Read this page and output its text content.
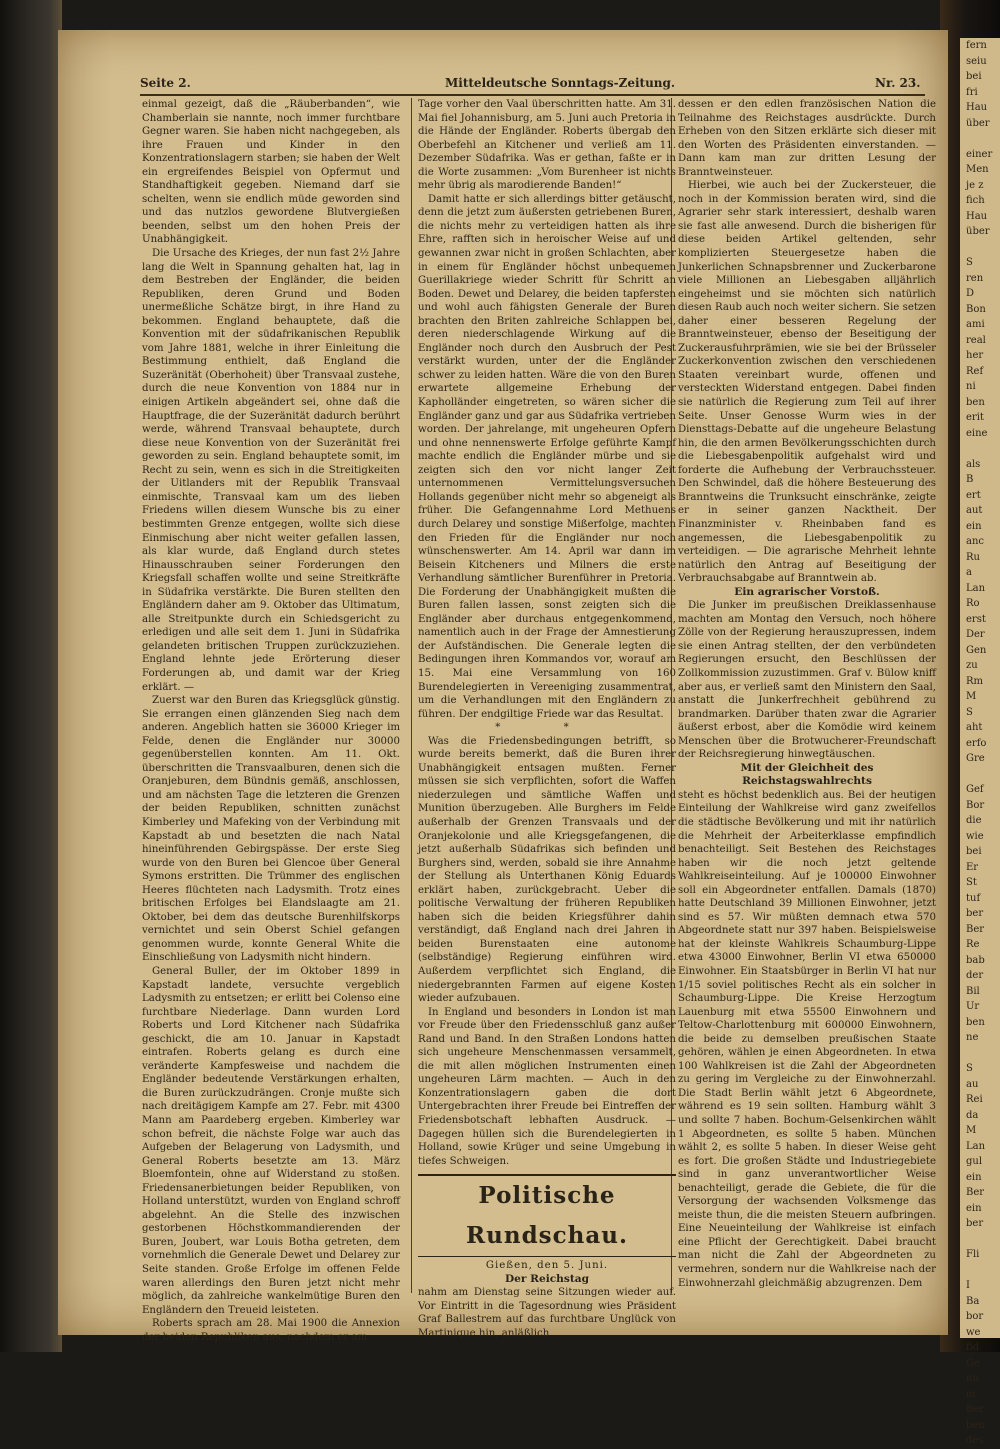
Seite 2.	Mitteldeutsche Sonntags-Zeitung.	Nr. 23.

einmal gezeigt, daß die „Räuberbanden“, wie Chamberlain sie nannte, noch immer furchtbare Gegner waren. Sie haben nicht nachgegeben, als ihre Frauen und Kinder in den Konzentrationslagern starben; sie haben der Welt ein ergreifendes Beispiel von Opfermut und Standhaftigkeit gegeben. Niemand darf sie schelten, wenn sie endlich müde geworden sind und das nutzlos gewordene Blutvergießen beenden, selbst um den hohen Preis der Unabhängigkeit.

Die Ursache des Krieges, der nun fast 2½ Jahre lang die Welt in Spannung gehalten hat, lag in dem Bestreben der Engländer, die beiden Republiken, deren Grund und Boden unermeßliche Schätze birgt, in ihre Hand zu bekommen. England behauptete, daß die Konvention mit der südafrikanischen Republik vom Jahre 1881, welche in ihrer Einleitung die Bestimmung enthielt, daß England die Suzeränität (Oberhoheit) über Transvaal zustehe, durch die neue Konvention von 1884 nur in einigen Artikeln abgeändert sei, ohne daß die Hauptfrage, die der Suzeränität dadurch berührt werde, während Transvaal behauptete, durch diese neue Konvention von der Suzeränität frei geworden zu sein. England behauptete somit, im Recht zu sein, wenn es sich in die Streitigkeiten der Uitlanders mit der Republik Transvaal einmischte, Transvaal kam um des lieben Friedens willen diesem Wunsche bis zu einer bestimmten Grenze entgegen, wollte sich diese Einmischung aber nicht weiter gefallen lassen, als klar wurde, daß England durch stetes Hinausschrauben seiner Forderungen den Kriegsfall schaffen wollte und seine Streitkräfte in Südafrika verstärkte. Die Buren stellten den Engländern daher am 9. Oktober das Ultimatum, alle Streitpunkte durch ein Schiedsgericht zu erledigen und alle seit dem 1. Juni in Südafrika gelandeten britischen Truppen zurückzuziehen. England lehnte jede Erörterung dieser Forderungen ab, und damit war der Krieg erklärt. —

Zuerst war den Buren das Kriegsglück günstig. Sie errangen einen glänzenden Sieg nach dem anderen. Angeblich hatten sie 36000 Krieger im Felde, denen die Engländer nur 30000 gegenüberstellen konnten. Am 11. Okt. überschritten die Transvaalburen, denen sich die Oranjeburen, dem Bündnis gemäß, anschlossen, und am nächsten Tage die letzteren die Grenzen der beiden Republiken, schnitten zunächst Kimberley und Mafeking von der Verbindung mit Kapstadt ab und besetzten die nach Natal hineinführenden Gebirgspässe. Der erste Sieg wurde von den Buren bei Glencoe über General Symons erstritten. Die Trümmer des englischen Heeres flüchteten nach Ladysmith. Trotz eines britischen Erfolges bei Elandslaagte am 21. Oktober, bei dem das deutsche Burenhilfskorps vernichtet und sein Oberst Schiel gefangen genommen wurde, konnte General White die Einschließung von Ladysmith nicht hindern.

General Buller, der im Oktober 1899 in Kapstadt landete, versuchte vergeblich Ladysmith zu entsetzen; er erlitt bei Colenso eine furchtbare Niederlage. Dann wurden Lord Roberts und Lord Kitchener nach Südafrika geschickt, die am 10. Januar in Kapstadt eintrafen. Roberts gelang es durch eine veränderte Kampfesweise und nachdem die Engländer bedeutende Verstärkungen erhalten, die Buren zurückzudrängen. Cronje mußte sich nach dreitägigem Kampfe am 27. Febr. mit 4300 Mann am Paardeberg ergeben. Kimberley war schon befreit, die nächste Folge war auch das Aufgeben der Belagerung von Ladysmith, und General Roberts besetzte am 13. März Bloemfontein, ohne auf Widerstand zu stoßen. Friedensanerbietungen beider Republiken, von Holland unterstützt, wurden von England schroff abgelehnt. An die Stelle des inzwischen gestorbenen Höchstkommandierenden der Buren, Joubert, war Louis Botha getreten, dem vornehmlich die Generale Dewet und Delarey zur Seite standen. Große Erfolge im offenen Felde waren allerdings den Buren jetzt nicht mehr möglich, da zahlreiche wankelmütige Buren den Engländern den Treueid leisteten.

Roberts sprach am 28. Mai 1900 die Annexion der beiden Republiken aus, nachdem er am

Tage vorher den Vaal überschritten hatte. Am 31. Mai fiel Johannisburg, am 5. Juni auch Pretoria in die Hände der Engländer. Roberts übergab den Oberbefehl an Kitchener und verließ am 11. Dezember Südafrika. Was er gethan, faßte er in die Worte zusammen: „Vom Burenheer ist nichts mehr übrig als marodierende Banden!“

Damit hatte er sich allerdings bitter getäuscht, denn die jetzt zum äußersten getriebenen Buren, die nichts mehr zu verteidigen hatten als ihre Ehre, rafften sich in heroischer Weise auf und gewannen zwar nicht in großen Schlachten, aber in einem für Engländer höchst unbequemen Guerillakriege wieder Schritt für Schritt an Boden. Dewet und Delarey, die beiden tapfersten und wohl auch fähigsten Generale der Buren brachten den Briten zahlreiche Schlappen bei, deren niederschlagende Wirkung auf die Engländer noch durch den Ausbruch der Pest verstärkt wurden, unter der die Engländer schwer zu leiden hatten. Wäre die von den Buren erwartete allgemeine Erhebung der Kapholländer eingetreten, so wären sicher die Engländer ganz und gar aus Südafrika vertrieben worden. Der jahrelange, mit ungeheuren Opfern und ohne nennenswerte Erfolge geführte Kampf machte endlich die Engländer mürbe und sie zeigten sich den vor nicht langer Zeit unternommenen Vermittelungsversuchen Hollands gegenüber nicht mehr so abgeneigt als früher. Die Gefangennahme Lord Methuens durch Delarey und sonstige Mißerfolge, machten den Frieden für die Engländer nur noch wünschenswerter. Am 14. April war dann im Beisein Kitcheners und Milners die erste Verhandlung sämtlicher Burenführer in Pretoria. Die Forderung der Unabhängigkeit mußten die Buren fallen lassen, sonst zeigten sich die Engländer aber durchaus entgegenkommend, namentlich auch in der Frage der Amnestierung der Aufständischen. Die Generale legten die Bedingungen ihren Kommandos vor, worauf am 15. Mai eine Versammlung von 160 Burendelegierten in Vereeniging zusammentrat, um die Verhandlungen mit den Engländern zu führen. Der endgiltige Friede war das Resultat.

* *

Was die Friedensbedingungen betrifft, so wurde bereits bemerkt, daß die Buren ihrer Unabhängigkeit entsagen mußten. Ferner müssen sie sich verpflichten, sofort die Waffen niederzulegen und sämtliche Waffen und Munition überzugeben. Alle Burghers im Felde außerhalb der Grenzen Transvaals und der Oranjekolonie und alle Kriegsgefangenen, die jetzt außerhalb Südafrikas sich befinden und Burghers sind, werden, sobald sie ihre Annahme der Stellung als Unterthanen König Eduards erklärt haben, zurückgebracht. Ueber die politische Verwaltung der früheren Republiken haben sich die beiden Kriegsführer dahin verständigt, daß England nach drei Jahren in beiden Burenstaaten eine autonome (selbständige) Regierung einführen wird. Außerdem verpflichtet sich England, die niedergebrannten Farmen auf eigene Kosten wieder aufzubauen.

In England und besonders in London ist man vor Freude über den Friedensschluß ganz außer Rand und Band. In den Straßen Londons hatten sich ungeheure Menschenmassen versammelt, die mit allen möglichen Instrumenten einen ungeheuren Lärm machten. — Auch in den Konzentrationslagern gaben die dort Untergebrachten ihrer Freude bei Eintreffen der Friedensbotschaft lebhaften Ausdruck. — Dagegen hüllen sich die Burendelegierten in Holland, sowie Krüger und seine Umgebung in tiefes Schweigen.

Politische Rundschau.

Gießen, den 5. Juni.

Der Reichstag

nahm am Dienstag seine Sitzungen wieder auf. Vor Eintritt in die Tagesordnung wies Präsident Graf Ballestrem auf das furchtbare Unglück von Martinique hin, anläßlich

dessen er den edlen französischen Nation die Teilnahme des Reichstages ausdrückte. Durch Erheben von den Sitzen erklärte sich dieser mit den Worten des Präsidenten einverstanden. — Dann kam man zur dritten Lesung der Branntweinsteuer.

Hierbei, wie auch bei der Zuckersteuer, die noch in der Kommission beraten wird, sind die Agrarier sehr stark interessiert, deshalb waren sie fast alle anwesend. Durch die bisherigen für diese beiden Artikel geltenden, sehr komplizierten Steuergesetze haben die Junkerlichen Schnapsbrenner und Zuckerbarone viele Millionen an Liebesgaben alljährlich eingeheimst und sie möchten sich natürlich diesen Raub auch noch weiter sichern. Sie setzen daher einer besseren Regelung der Branntweinsteuer, ebenso der Beseitigung der Zuckerausfuhrprämien, wie sie bei der Brüsseler Zuckerkonvention zwischen den verschiedenen Staaten vereinbart wurde, offenen und versteckten Widerstand entgegen. Dabei finden sie natürlich die Regierung zum Teil auf ihrer Seite. Unser Genosse Wurm wies in der Diensttags-Debatte auf die ungeheure Belastung hin, die den armen Bevölkerungsschichten durch die Liebesgabenpolitik aufgehalst wird und forderte die Aufhebung der Verbrauchssteuer. Den Schwindel, daß die höhere Besteuerung des Branntweins die Trunksucht einschränke, zeigte er in seiner ganzen Nacktheit. Der Finanzminister v. Rheinbaben fand es angemessen, die Liebesgabenpolitik zu verteidigen. — Die agrarische Mehrheit lehnte natürlich den Antrag auf Beseitigung der Verbrauchsabgabe auf Branntwein ab.

Ein agrarischer Vorstoß.

Die Junker im preußischen Dreiklassenhause machten am Montag den Versuch, noch höhere Zölle von der Regierung herauszupressen, indem sie einen Antrag stellten, der den verbündeten Regierungen ersucht, den Beschlüssen der Zollkommission zuzustimmen. Graf v. Bülow kniff aber aus, er verließ samt den Ministern den Saal, anstatt die Junkerfrechheit gebührend zu brandmarken. Darüber thaten zwar die Agrarier äußerst erbost, aber die Komödie wird keinem Menschen über die Brotwucherer-Freundschaft der Reichsregierung hinwegtäuschen.

Mit der Gleichheit des Reichstagswahlrechts

steht es höchst bedenklich aus. Bei der heutigen Einteilung der Wahlkreise wird ganz zweifellos die städtische Bevölkerung und mit ihr natürlich die Mehrheit der Arbeiterklasse empfindlich benachteiligt. Seit Bestehen des Reichstages haben wir die noch jetzt geltende Wahlkreiseinteilung. Auf je 100000 Einwohner soll ein Abgeordneter entfallen. Damals (1870) hatte Deutschland 39 Millionen Einwohner, jetzt sind es 57. Wir müßten demnach etwa 570 Abgeordnete statt nur 397 haben. Beispielsweise hat der kleinste Wahlkreis Schaumburg-Lippe etwa 43000 Einwohner, Berlin VI etwa 650000 Einwohner. Ein Staatsbürger in Berlin VI hat nur 1/15 soviel politisches Recht als ein solcher in Schaumburg-Lippe. Die Kreise Herzogtum Lauenburg mit etwa 55500 Einwohnern und Teltow-Charlottenburg mit 600000 Einwohnern, die beide zu demselben preußischen Staate gehören, wählen je einen Abgeordneten. In etwa 100 Wahlkreisen ist die Zahl der Abgeordneten zu gering im Vergleiche zu der Einwohnerzahl. Die Stadt Berlin wählt jetzt 6 Abgeordnete, während es 19 sein sollten. Hamburg wählt 3 und sollte 7 haben. Bochum-Gelsenkirchen wählt 1 Abgeordneten, es sollte 5 haben. München wählt 2, es sollte 5 haben. In dieser Weise geht es fort. Die großen Städte und Industriegebiete sind in ganz unverantwortlicher Weise benachteiligt, gerade die Gebiete, die für die Versorgung der wachsenden Volksmenge das meiste thun, die die meisten Steuern aufbringen. Eine Neueinteilung der Wahlkreise ist einfach eine Pflicht der Gerechtigkeit. Dabei braucht man nicht die Zahl der Abgeordneten zu vermehren, sondern nur die Wahlkreise nach der Einwohnerzahl gleichmäßig abzugrenzen. Dem

fern
seiu
bei
fri
Hau
über

einer
Men
je z
fich
Hau
über

S
ren
D
Bon
ami
real
her
Ref
ni
ben
erit
eine

als
B
ert
aut
ein
anc
Ru
a
Lan
Ro
erst
Der
Gen
zu
Rm
M
S
aht
erfo
Gre

Gef
Bor
die
wie
bei
Er
St
tuf
ber
Ber
Re
bab
der
Bil
Ur
ben
ne

S
au
Rei
da
M
Lan
gul
ein
Ber
ein
ber

Fli

I
Ba
bor
we
fid
Ge
nu
m
Ber
ben
des
